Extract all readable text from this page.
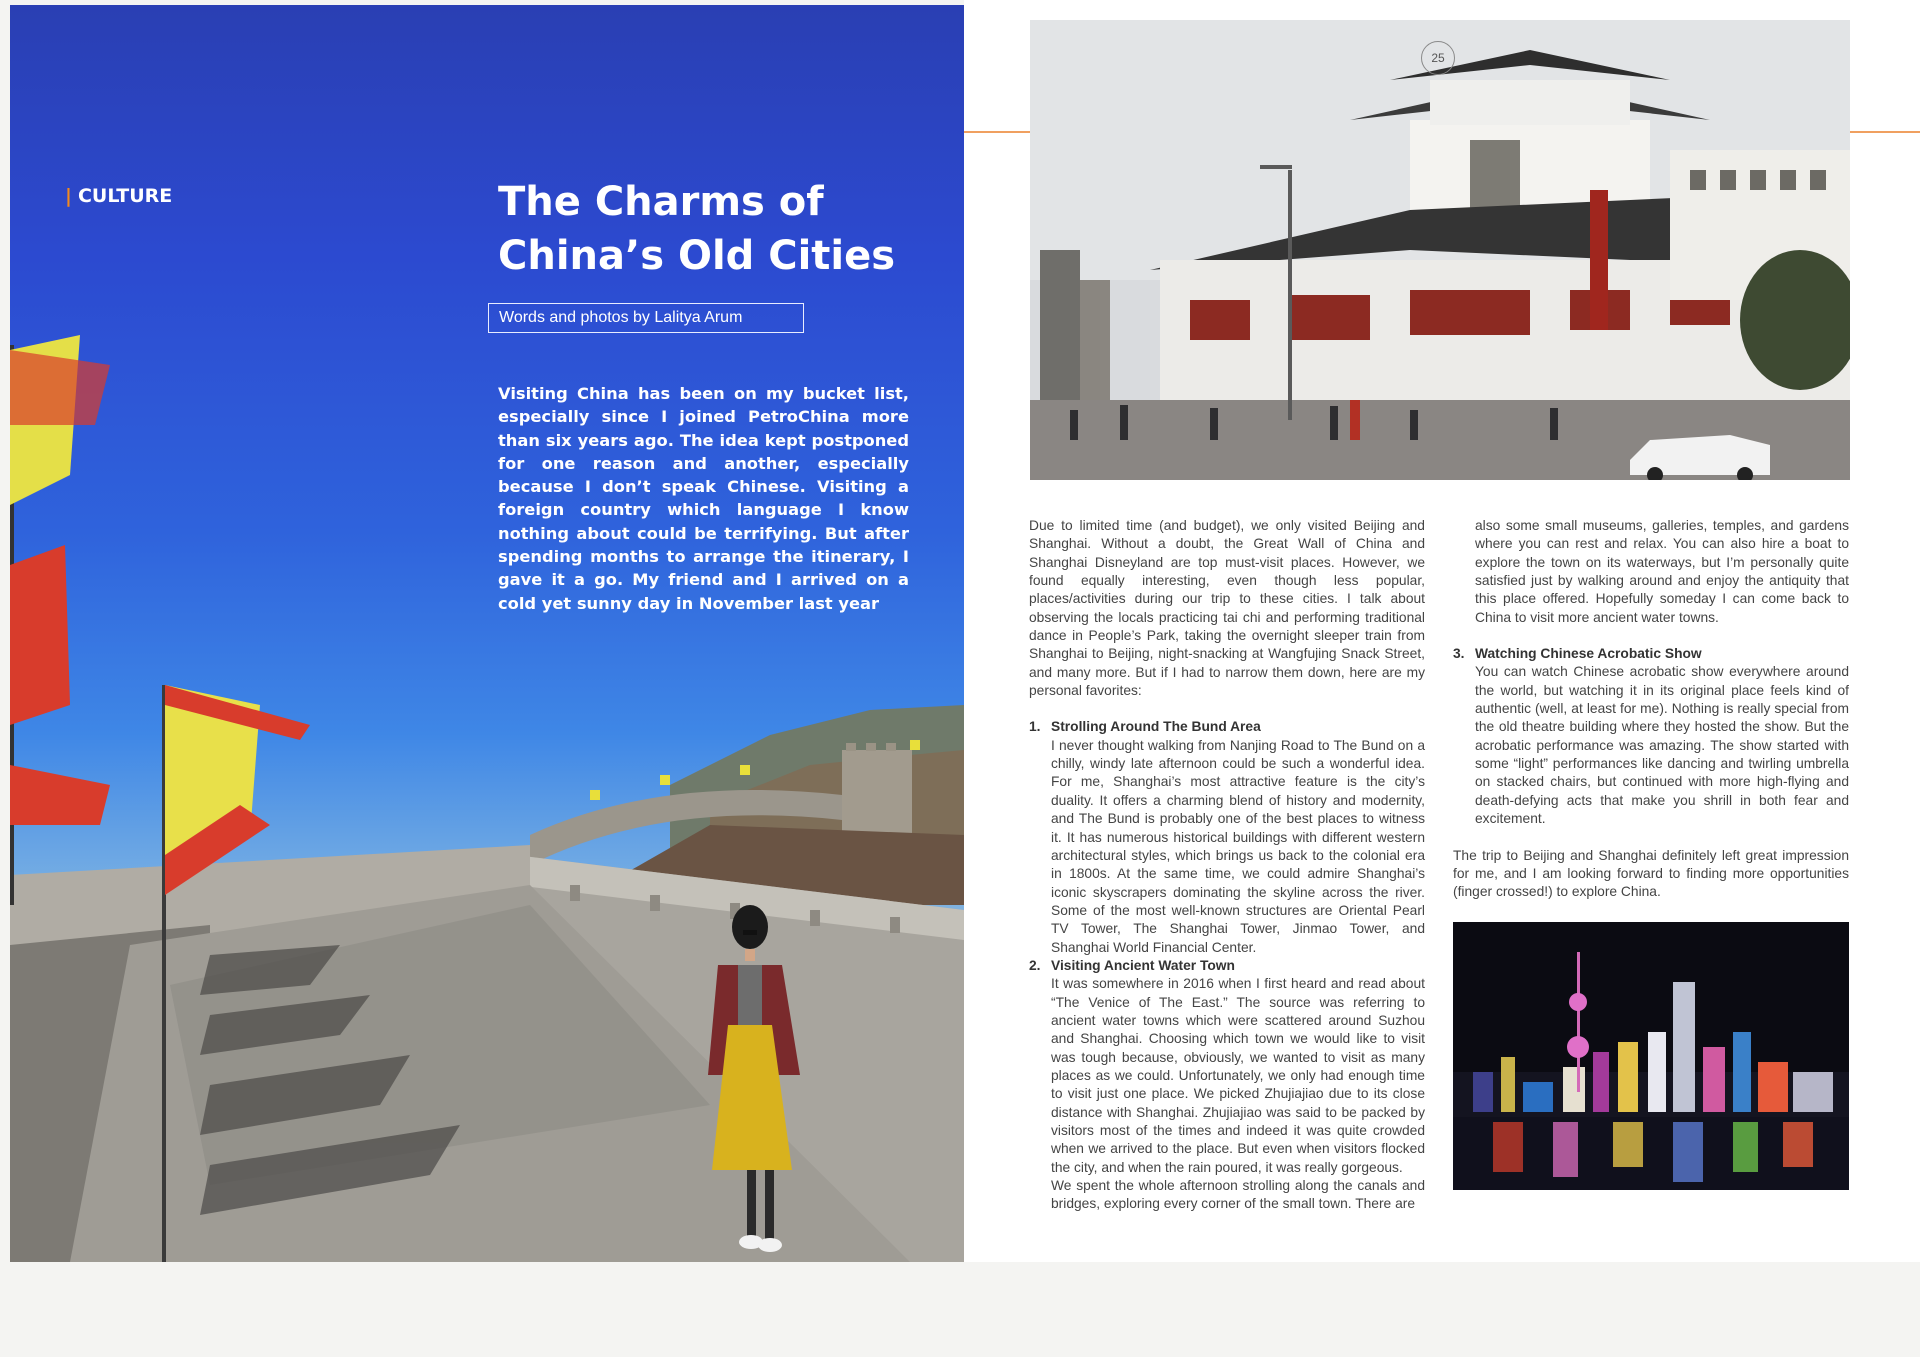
| CULTURE	The Charms of
China’s Old Cities
Words and photos by Lalitya Arum

Visiting China has been on my bucket list, especially since I joined PetroChina more than six years ago. The idea kept postponed for one reason and another, especially because I don’t speak Chinese. Visiting a foreign country which language I know nothing about could be terrifying. But after spending months to arrange the itinerary, I gave it a go. My friend and I arrived on a cold yet sunny day in November last year

25

Due to limited time (and budget), we only visited Beijing and Shanghai. Without a doubt, the Great Wall of China and Shanghai Disneyland are top must-visit places. However, we found equally interesting, even though less popular, places/activities during our trip to these cities. I talk about observing the locals practicing tai chi and performing traditional dance in People’s Park, taking the overnight sleeper train from Shanghai to Beijing, night-snacking at Wangfujing Snack Street, and many more. But if I had to narrow them down, here are my personal favorites:

1. Strolling Around The Bund Area

I never thought walking from Nanjing Road to The Bund on a chilly, windy late afternoon could be such a wonderful idea. For me, Shanghai’s most attractive feature is the city’s duality. It offers a charming blend of history and modernity, and The Bund is probably one of the best places to witness it. It has numerous historical buildings with different western architectural styles, which brings us back to the colonial era in 1800s. At the same time, we could admire Shanghai’s iconic skyscrapers dominating the skyline across the river. Some of the most well-known structures are Oriental Pearl TV Tower, The Shanghai Tower, Jinmao Tower, and Shanghai World Financial Center.

2. Visiting Ancient Water Town

It was somewhere in 2016 when I first heard and read about “The Venice of The East.” The source was referring to ancient water towns which were scattered around Suzhou and Shanghai. Choosing which town we would like to visit was tough because, obviously, we wanted to visit as many places as we could. Unfortunately, we only had enough time to visit just one place. We picked Zhujiajiao due to its close distance with Shanghai. Zhujiajiao was said to be packed by visitors most of the times and indeed it was quite crowded when we arrived to the place. But even when visitors flocked the city, and when the rain poured, it was really gorgeous.

We spent the whole afternoon strolling along the canals and bridges, exploring every corner of the small town. There are

also some small museums, galleries, temples, and gardens where you can rest and relax. You can also hire a boat to explore the town on its waterways, but I’m personally quite satisfied just by walking around and enjoy the antiquity that this place offered. Hopefully someday I can come back to China to visit more ancient water towns.

3. Watching Chinese Acrobatic Show

You can watch Chinese acrobatic show everywhere around the world, but watching it in its original place feels kind of authentic (well, at least for me). Nothing is really special from the old theatre building where they hosted the show. But the acrobatic performance was amazing. The show started with some “light” performances like dancing and twirling umbrella on stacked chairs, but continued with more high-flying and death-defying acts that make you shrill in both fear and excitement.

The trip to Beijing and Shanghai definitely left great impression for me, and I am looking forward to finding more opportunities (finger crossed!) to explore China.
